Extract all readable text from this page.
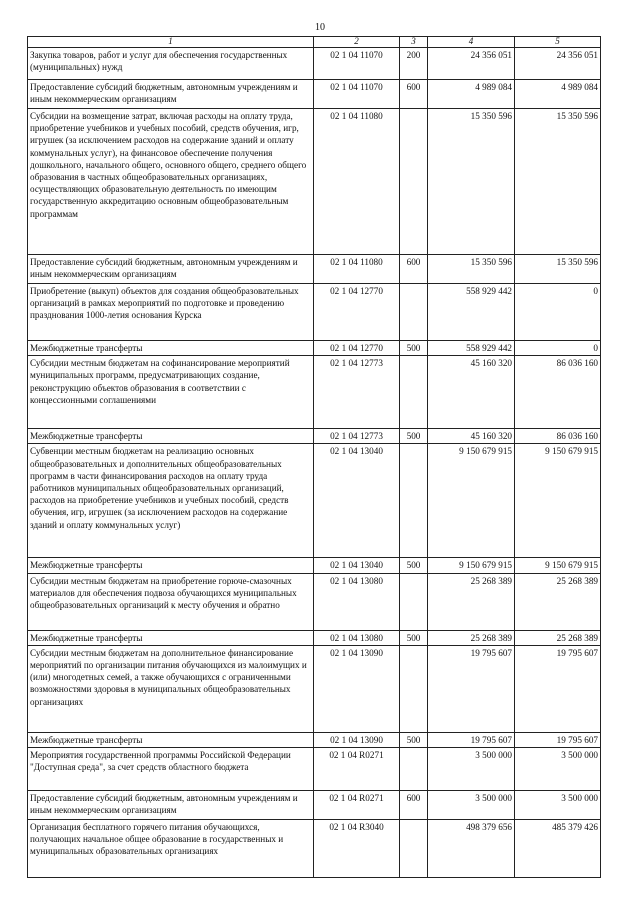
10
1	2	3	4	5
Закупка товаров, работ и услуг для обеспечения государственных (муниципальных) нужд	02 1 04 11070	200	24 356 051	24 356 051
Предоставление субсидий бюджетным, автономным учреждениям и иным некоммерческим организациям	02 1 04 11070	600	4 989 084	4 989 084
Субсидии на возмещение затрат, включая расходы на оплату труда, приобретение учебников и учебных пособий, средств обучения, игр, игрушек (за исключением расходов на содержание зданий и оплату коммунальных услуг), на финансовое обеспечение получения дошкольного, начального общего, основного общего, среднего общего образования в частных общеобразовательных организациях, осуществляющих образовательную деятельность по имеющим государственную аккредитацию основным общеобразовательным программам	02 1 04 11080		15 350 596	15 350 596
Предоставление субсидий бюджетным, автономным учреждениям и иным некоммерческим организациям	02 1 04 11080	600	15 350 596	15 350 596
Приобретение (выкуп) объектов для создания общеобразовательных организаций в рамках мероприятий по подготовке и проведению празднования 1000-летия основания Курска	02 1 04 12770		558 929 442	0
Межбюджетные трансферты	02 1 04 12770	500	558 929 442	0
Субсидии местным бюджетам на софинансирование мероприятий муниципальных программ, предусматривающих создание, реконструкцию объектов образования в соответствии с концессионными соглашениями	02 1 04 12773		45 160 320	86 036 160
Межбюджетные трансферты	02 1 04 12773	500	45 160 320	86 036 160
Субвенции местным бюджетам на реализацию основных общеобразовательных и дополнительных общеобразовательных программ в части финансирования расходов на оплату труда работников муниципальных общеобразовательных организаций, расходов на приобретение учебников и учебных пособий, средств обучения, игр, игрушек (за исключением расходов на содержание зданий и оплату коммунальных услуг)	02 1 04 13040		9 150 679 915	9 150 679 915
Межбюджетные трансферты	02 1 04 13040	500	9 150 679 915	9 150 679 915
Субсидии местным бюджетам на приобретение горюче-смазочных материалов для обеспечения подвоза обучающихся муниципальных общеобразовательных организаций к месту обучения и обратно	02 1 04 13080		25 268 389	25 268 389
Межбюджетные трансферты	02 1 04 13080	500	25 268 389	25 268 389
Субсидии местным бюджетам на дополнительное финансирование мероприятий по организации питания обучающихся из малоимущих и (или) многодетных семей, а также обучающихся с ограниченными возможностями здоровья в муниципальных общеобразовательных организациях	02 1 04 13090		19 795 607	19 795 607
Межбюджетные трансферты	02 1 04 13090	500	19 795 607	19 795 607
Мероприятия государственной программы Российской Федерации "Доступная среда", за счет средств областного бюджета	02 1 04 R0271		3 500 000	3 500 000
Предоставление субсидий бюджетным, автономным учреждениям и иным некоммерческим организациям	02 1 04 R0271	600	3 500 000	3 500 000
Организация бесплатного горячего питания обучающихся, получающих начальное общее образование в государственных и муниципальных образовательных организациях	02 1 04 R3040		498 379 656	485 379 426
